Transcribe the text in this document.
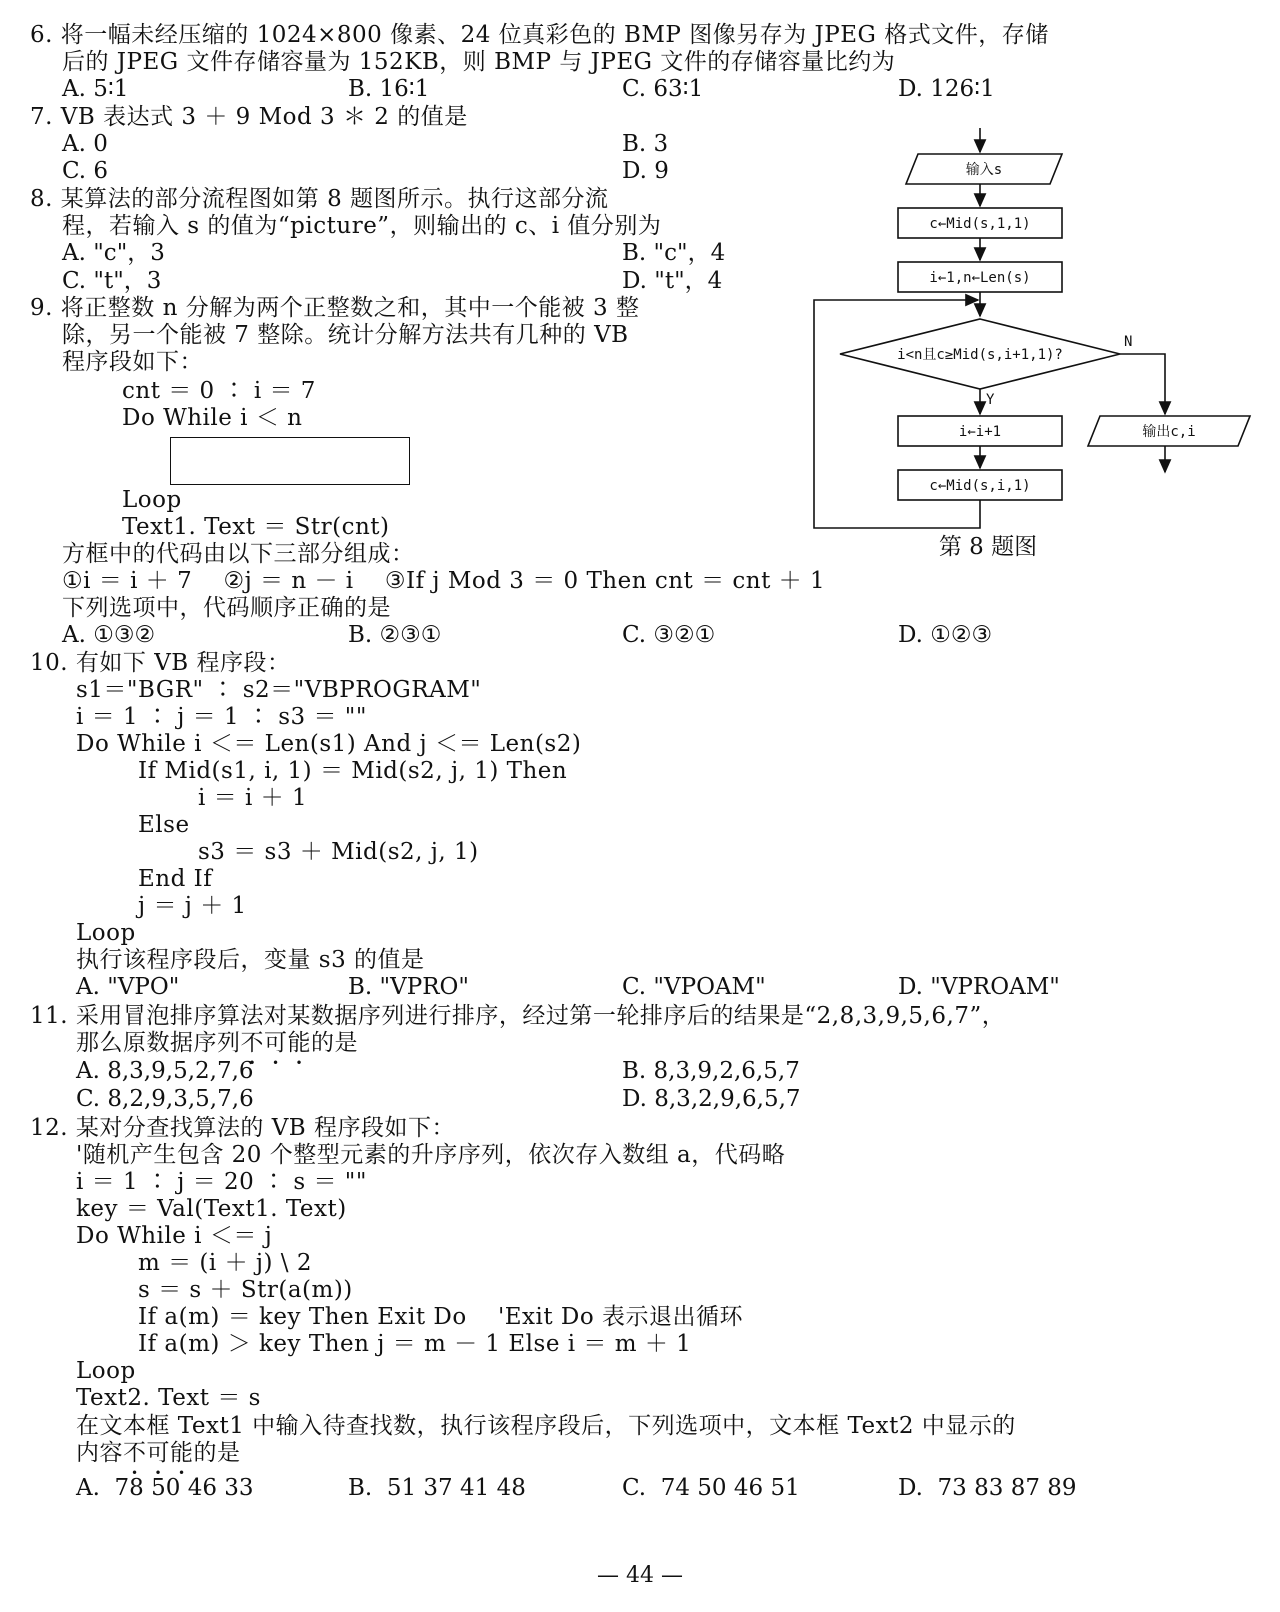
6. 将一幅未经压缩的 1024×800 像素、24 位真彩色的 BMP 图像另存为 JPEG 格式文件，存储
后的 JPEG 文件存储容量为 152KB，则 BMP 与 JPEG 文件的存储容量比约为
A. 5∶1	B. 16∶1	C. 63∶1	D. 126∶1
7. VB 表达式 3 ＋ 9 Mod 3 ＊ 2 的值是
A. 0	B. 3
C. 6	D. 9
8. 某算法的部分流程图如第 8 题图所示。执行这部分流
程，若输入 s 的值为“picture”，则输出的 c、i 值分别为
A. "c"，3	B. "c"，4
C. "t"，3	D. "t"，4
输入s
c←Mid(s,1,1)
i←1,n←Len(s)
i<n且c≥Mid(s,i+1,1)?
Y
N
i←i+1
c←Mid(s,i,1)
输出c,i
第 8 题图
9. 将正整数 n 分解为两个正整数之和，其中一个能被 3 整
除，另一个能被 7 整除。统计分解方法共有几种的 VB
程序段如下：
cnt ＝ 0 ∶ i ＝ 7
Do While i ＜ n
Loop
Text1. Text ＝ Str(cnt)
方框中的代码由以下三部分组成：
①i ＝ i ＋ 7    ②j ＝ n － i    ③If j Mod 3 ＝ 0 Then cnt ＝ cnt ＋ 1
下列选项中，代码顺序正确的是
A. ①③②	B. ②③①	C. ③②①	D. ①②③
10. 有如下 VB 程序段：
s1＝"BGR" ∶ s2＝"VBPROGRAM"
i ＝ 1 ∶ j ＝ 1 ∶ s3 ＝ ""
Do While i ＜＝ Len(s1) And j ＜＝ Len(s2)
If Mid(s1, i, 1) ＝ Mid(s2, j, 1) Then
i ＝ i ＋ 1
Else
s3 ＝ s3 ＋ Mid(s2, j, 1)
End If
j ＝ j ＋ 1
Loop
执行该程序段后，变量 s3 的值是
A. "VPO"	B. "VPRO"	C. "VPOAM"	D. "VPROAM"
11. 采用冒泡排序算法对某数据序列进行排序，经过第一轮排序后的结果是“2,8,3,9,5,6,7”，
那么原数据序列不可能的是
A. 8,3,9,5,2,7,6	B. 8,3,9,2,6,5,7
C. 8,2,9,3,5,7,6	D. 8,3,2,9,6,5,7
12. 某对分查找算法的 VB 程序段如下：
'随机产生包含 20 个整型元素的升序序列，依次存入数组 a，代码略
i ＝ 1 ∶ j ＝ 20 ∶ s ＝ ""
key ＝ Val(Text1. Text)
Do While i ＜＝ j
m ＝ (i ＋ j) \ 2
s ＝ s ＋ Str(a(m))
If a(m) ＝ key Then Exit Do    'Exit Do 表示退出循环
If a(m) ＞ key Then j ＝ m － 1 Else i ＝ m ＋ 1
Loop
Text2. Text ＝ s
在文本框 Text1 中输入待查找数，执行该程序段后，下列选项中，文本框 Text2 中显示的
内容不可能的是
A.  78 50 46 33	B.  51 37 41 48	C.  74 50 46 51	D.  73 83 87 89
— 44 —
